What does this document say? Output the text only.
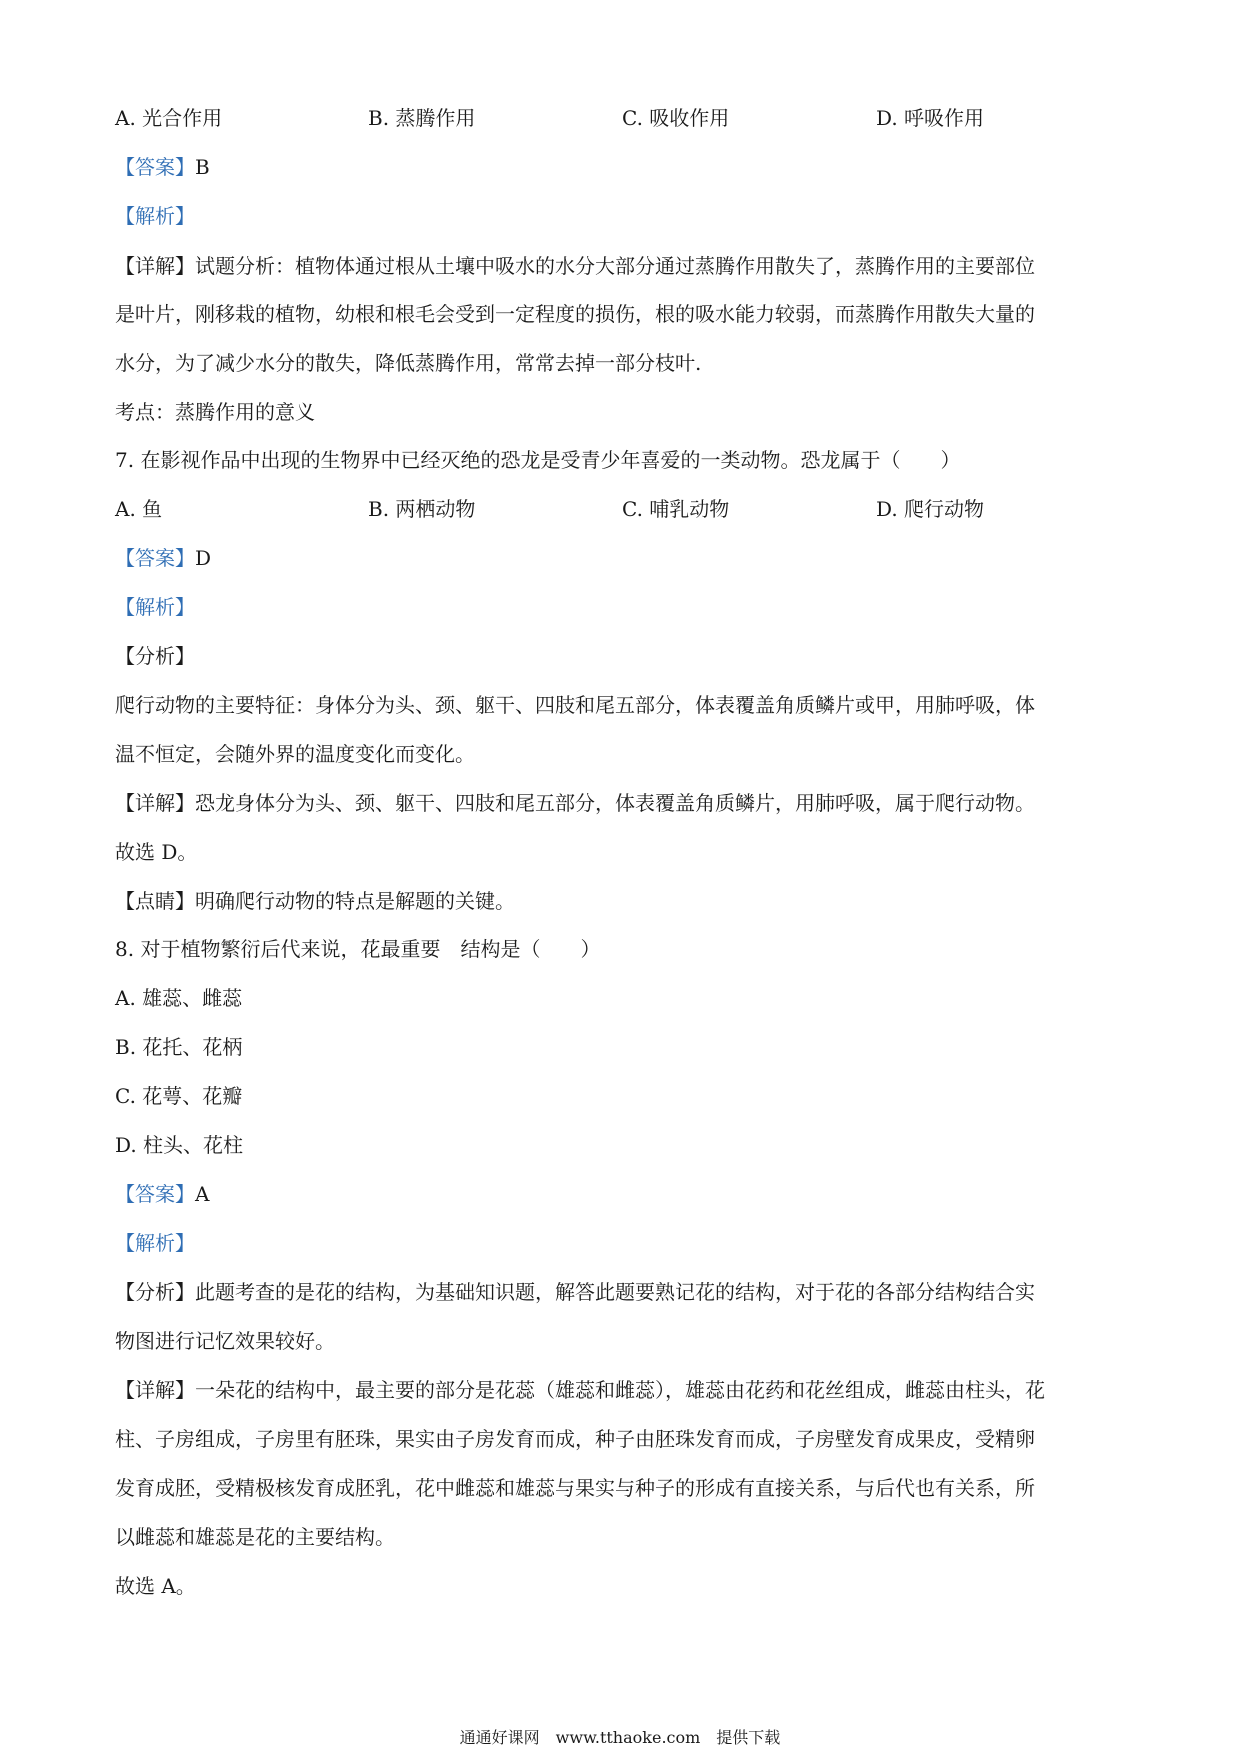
A. 光合作用	B. 蒸腾作用	C. 吸收作用	D. 呼吸作用
【答案】B
【解析】
【详解】试题分析：植物体通过根从土壤中吸水的水分大部分通过蒸腾作用散失了，蒸腾作用的主要部位
是叶片，刚移栽的植物，幼根和根毛会受到一定程度的损伤，根的吸水能力较弱，而蒸腾作用散失大量的
水分，为了减少水分的散失，降低蒸腾作用，常常去掉一部分枝叶.
考点：蒸腾作用的意义
7. 在影视作品中出现的生物界中已经灭绝的恐龙是受青少年喜爱的一类动物。恐龙属于（　　）
A. 鱼	B. 两栖动物	C. 哺乳动物	D. 爬行动物
【答案】D
【解析】
【分析】
爬行动物的主要特征：身体分为头、颈、躯干、四肢和尾五部分，体表覆盖角质鳞片或甲，用肺呼吸，体
温不恒定，会随外界的温度变化而变化。
【详解】恐龙身体分为头、颈、躯干、四肢和尾五部分，体表覆盖角质鳞片，用肺呼吸，属于爬行动物。
故选 D。
【点睛】明确爬行动物的特点是解题的关键。
8. 对于植物繁衍后代来说，花最重要　结构是（　　）
A. 雄蕊、雌蕊
B. 花托、花柄
C. 花萼、花瓣
D. 柱头、花柱
【答案】A
【解析】
【分析】此题考查的是花的结构，为基础知识题，解答此题要熟记花的结构，对于花的各部分结构结合实
物图进行记忆效果较好。
【详解】一朵花的结构中，最主要的部分是花蕊（雄蕊和雌蕊），雄蕊由花药和花丝组成，雌蕊由柱头，花
柱、子房组成，子房里有胚珠，果实由子房发育而成，种子由胚珠发育而成，子房壁发育成果皮，受精卵
发育成胚，受精极核发育成胚乳，花中雌蕊和雄蕊与果实与种子的形成有直接关系，与后代也有关系，所
以雌蕊和雄蕊是花的主要结构。
故选 A。
通通好课网　www.tthaoke.com　提供下载
